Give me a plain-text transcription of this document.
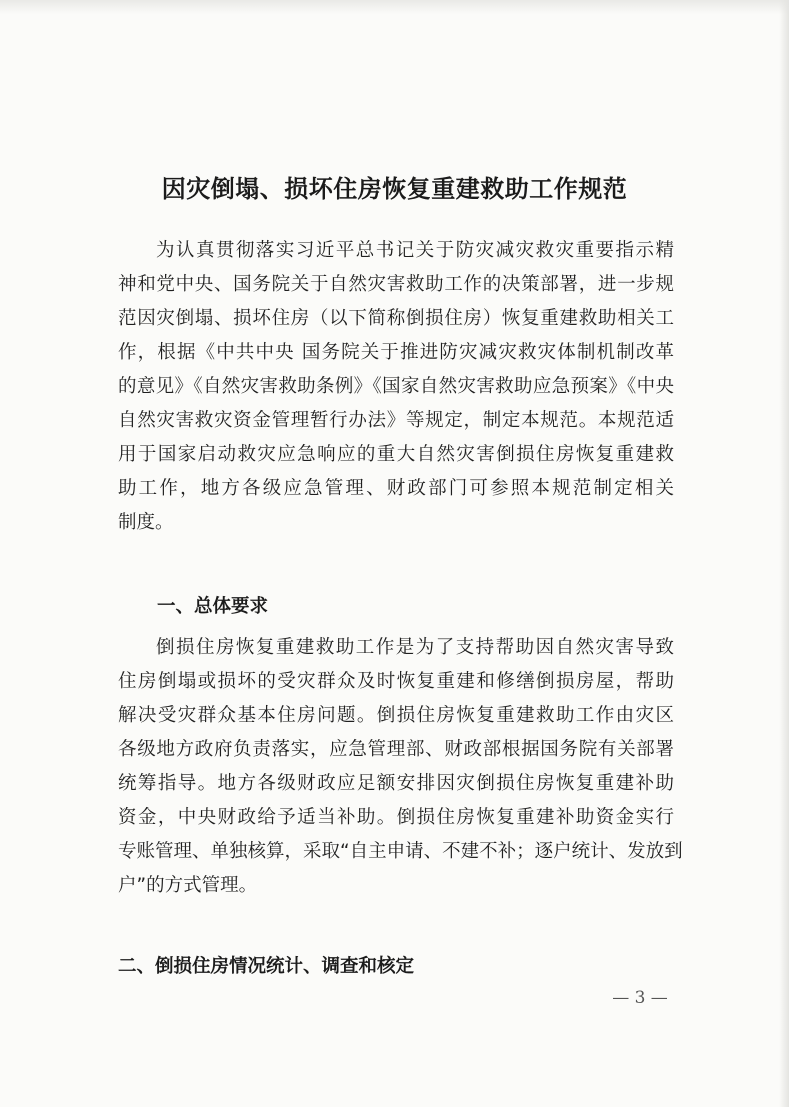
因灾倒塌、损坏住房恢复重建救助工作规范
为认真贯彻落实习近平总书记关于防灾减灾救灾重要指示精
神和党中央、国务院关于自然灾害救助工作的决策部署，进一步规
范因灾倒塌、损坏住房（以下简称倒损住房）恢复重建救助相关工
作，根据《中共中央 国务院关于推进防灾减灾救灾体制机制改革
的意见》《自然灾害救助条例》《国家自然灾害救助应急预案》《中央
自然灾害救灾资金管理暂行办法》等规定，制定本规范。本规范适
用于国家启动救灾应急响应的重大自然灾害倒损住房恢复重建救
助工作，地方各级应急管理、财政部门可参照本规范制定相关
制度。
一、总体要求
倒损住房恢复重建救助工作是为了支持帮助因自然灾害导致
住房倒塌或损坏的受灾群众及时恢复重建和修缮倒损房屋，帮助
解决受灾群众基本住房问题。倒损住房恢复重建救助工作由灾区
各级地方政府负责落实，应急管理部、财政部根据国务院有关部署
统筹指导。地方各级财政应足额安排因灾倒损住房恢复重建补助
资金，中央财政给予适当补助。倒损住房恢复重建补助资金实行
专账管理、单独核算，采取“自主申请、不建不补；逐户统计、发放到
户”的方式管理。
二、倒损住房情况统计、调查和核定
— 3 —
